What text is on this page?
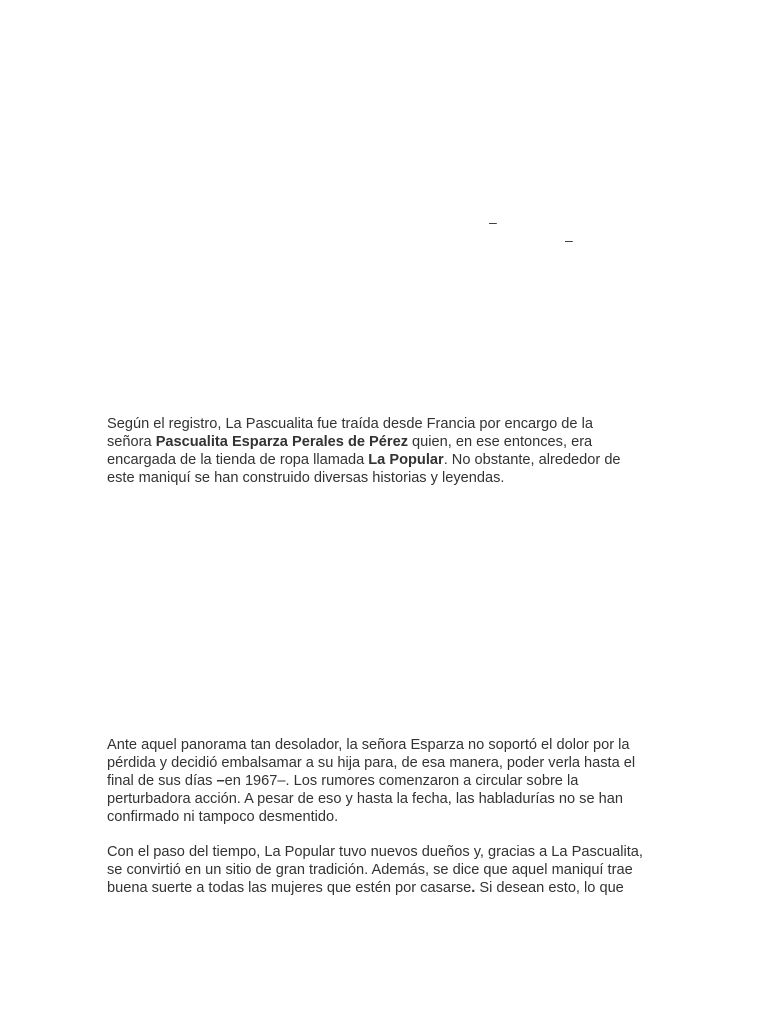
–
–

Según el registro, La Pascualita fue traída desde Francia por encargo de la
señora Pascualita Esparza Perales de Pérez quien, en ese entonces, era
encargada de la tienda de ropa llamada La Popular. No obstante, alrededor de
este maniquí se han construido diversas historias y leyendas.

Ante aquel panorama tan desolador, la señora Esparza no soportó el dolor por la
pérdida y decidió embalsamar a su hija para, de esa manera, poder verla hasta el
final de sus días –en 1967–. Los rumores comenzaron a circular sobre la
perturbadora acción. A pesar de eso y hasta la fecha, las habladurías no se han
confirmado ni tampoco desmentido.

Con el paso del tiempo, La Popular tuvo nuevos dueños y, gracias a La Pascualita,
se convirtió en un sitio de gran tradición. Además, se dice que aquel maniquí trae
buena suerte a todas las mujeres que estén por casarse. Si desean esto, lo que
